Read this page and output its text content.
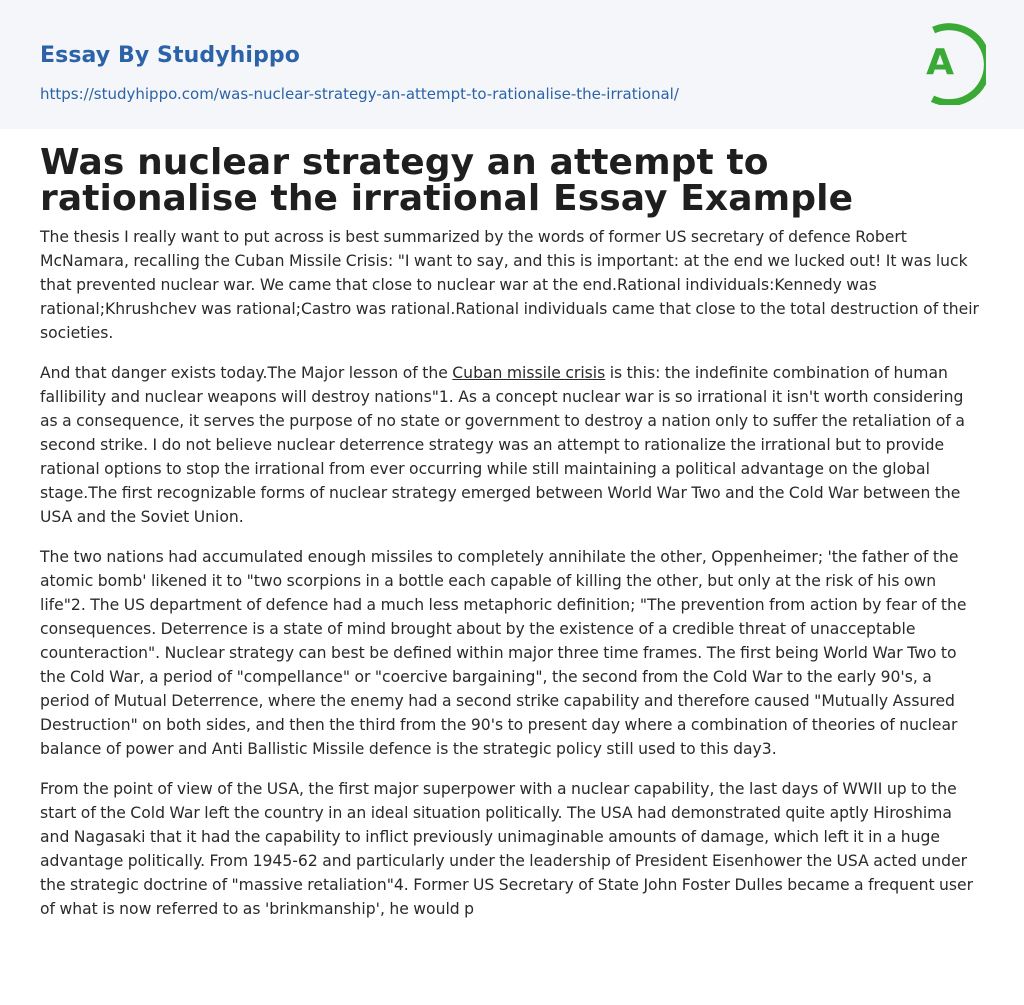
Essay By Studyhippo
https://studyhippo.com/was-nuclear-strategy-an-attempt-to-rationalise-the-irrational/
A
Was nuclear strategy an attempt to rationalise the irrational Essay Example

The thesis I really want to put across is best summarized by the words of former US secretary of defence Robert McNamara, recalling the Cuban Missile Crisis: "I want to say, and this is important: at the end we lucked out! It was luck that prevented nuclear war. We came that close to nuclear war at the end.Rational individuals:Kennedy was rational;Khrushchev was rational;Castro was rational.Rational individuals came that close to the total destruction of their societies.

And that danger exists today.The Major lesson of the Cuban missile crisis is this: the indefinite combination of human fallibility and nuclear weapons will destroy nations"1. As a concept nuclear war is so irrational it isn't worth considering as a consequence, it serves the purpose of no state or government to destroy a nation only to suffer the retaliation of a second strike. I do not believe nuclear deterrence strategy was an attempt to rationalize the irrational but to provide rational options to stop the irrational from ever occurring while still maintaining a political advantage on the global stage.The first recognizable forms of nuclear strategy emerged between World War Two and the Cold War between the USA and the Soviet Union.

The two nations had accumulated enough missiles to completely annihilate the other, Oppenheimer; 'the father of the atomic bomb' likened it to "two scorpions in a bottle each capable of killing the other, but only at the risk of his own life"2. The US department of defence had a much less metaphoric definition; "The prevention from action by fear of the consequences. Deterrence is a state of mind brought about by the existence of a credible threat of unacceptable counteraction". Nuclear strategy can best be defined within major three time frames. The first being World War Two to the Cold War, a period of "compellance" or "coercive bargaining", the second from the Cold War to the early 90's, a period of Mutual Deterrence, where the enemy had a second strike capability and therefore caused "Mutually Assured Destruction" on both sides, and then the third from the 90's to present day where a combination of theories of nuclear balance of power and Anti Ballistic Missile defence is the strategic policy still used to this day3.

From the point of view of the USA, the first major superpower with a nuclear capability, the last days of WWII up to the start of the Cold War left the country in an ideal situation politically. The USA had demonstrated quite aptly Hiroshima and Nagasaki that it had the capability to inflict previously unimaginable amounts of damage, which left it in a huge advantage politically. From 1945-62 and particularly under the leadership of President Eisenhower the USA acted under the strategic doctrine of "massive retaliation"4. Former US Secretary of State John Foster Dulles became a frequent user of what is now referred to as 'brinkmanship', he would p
